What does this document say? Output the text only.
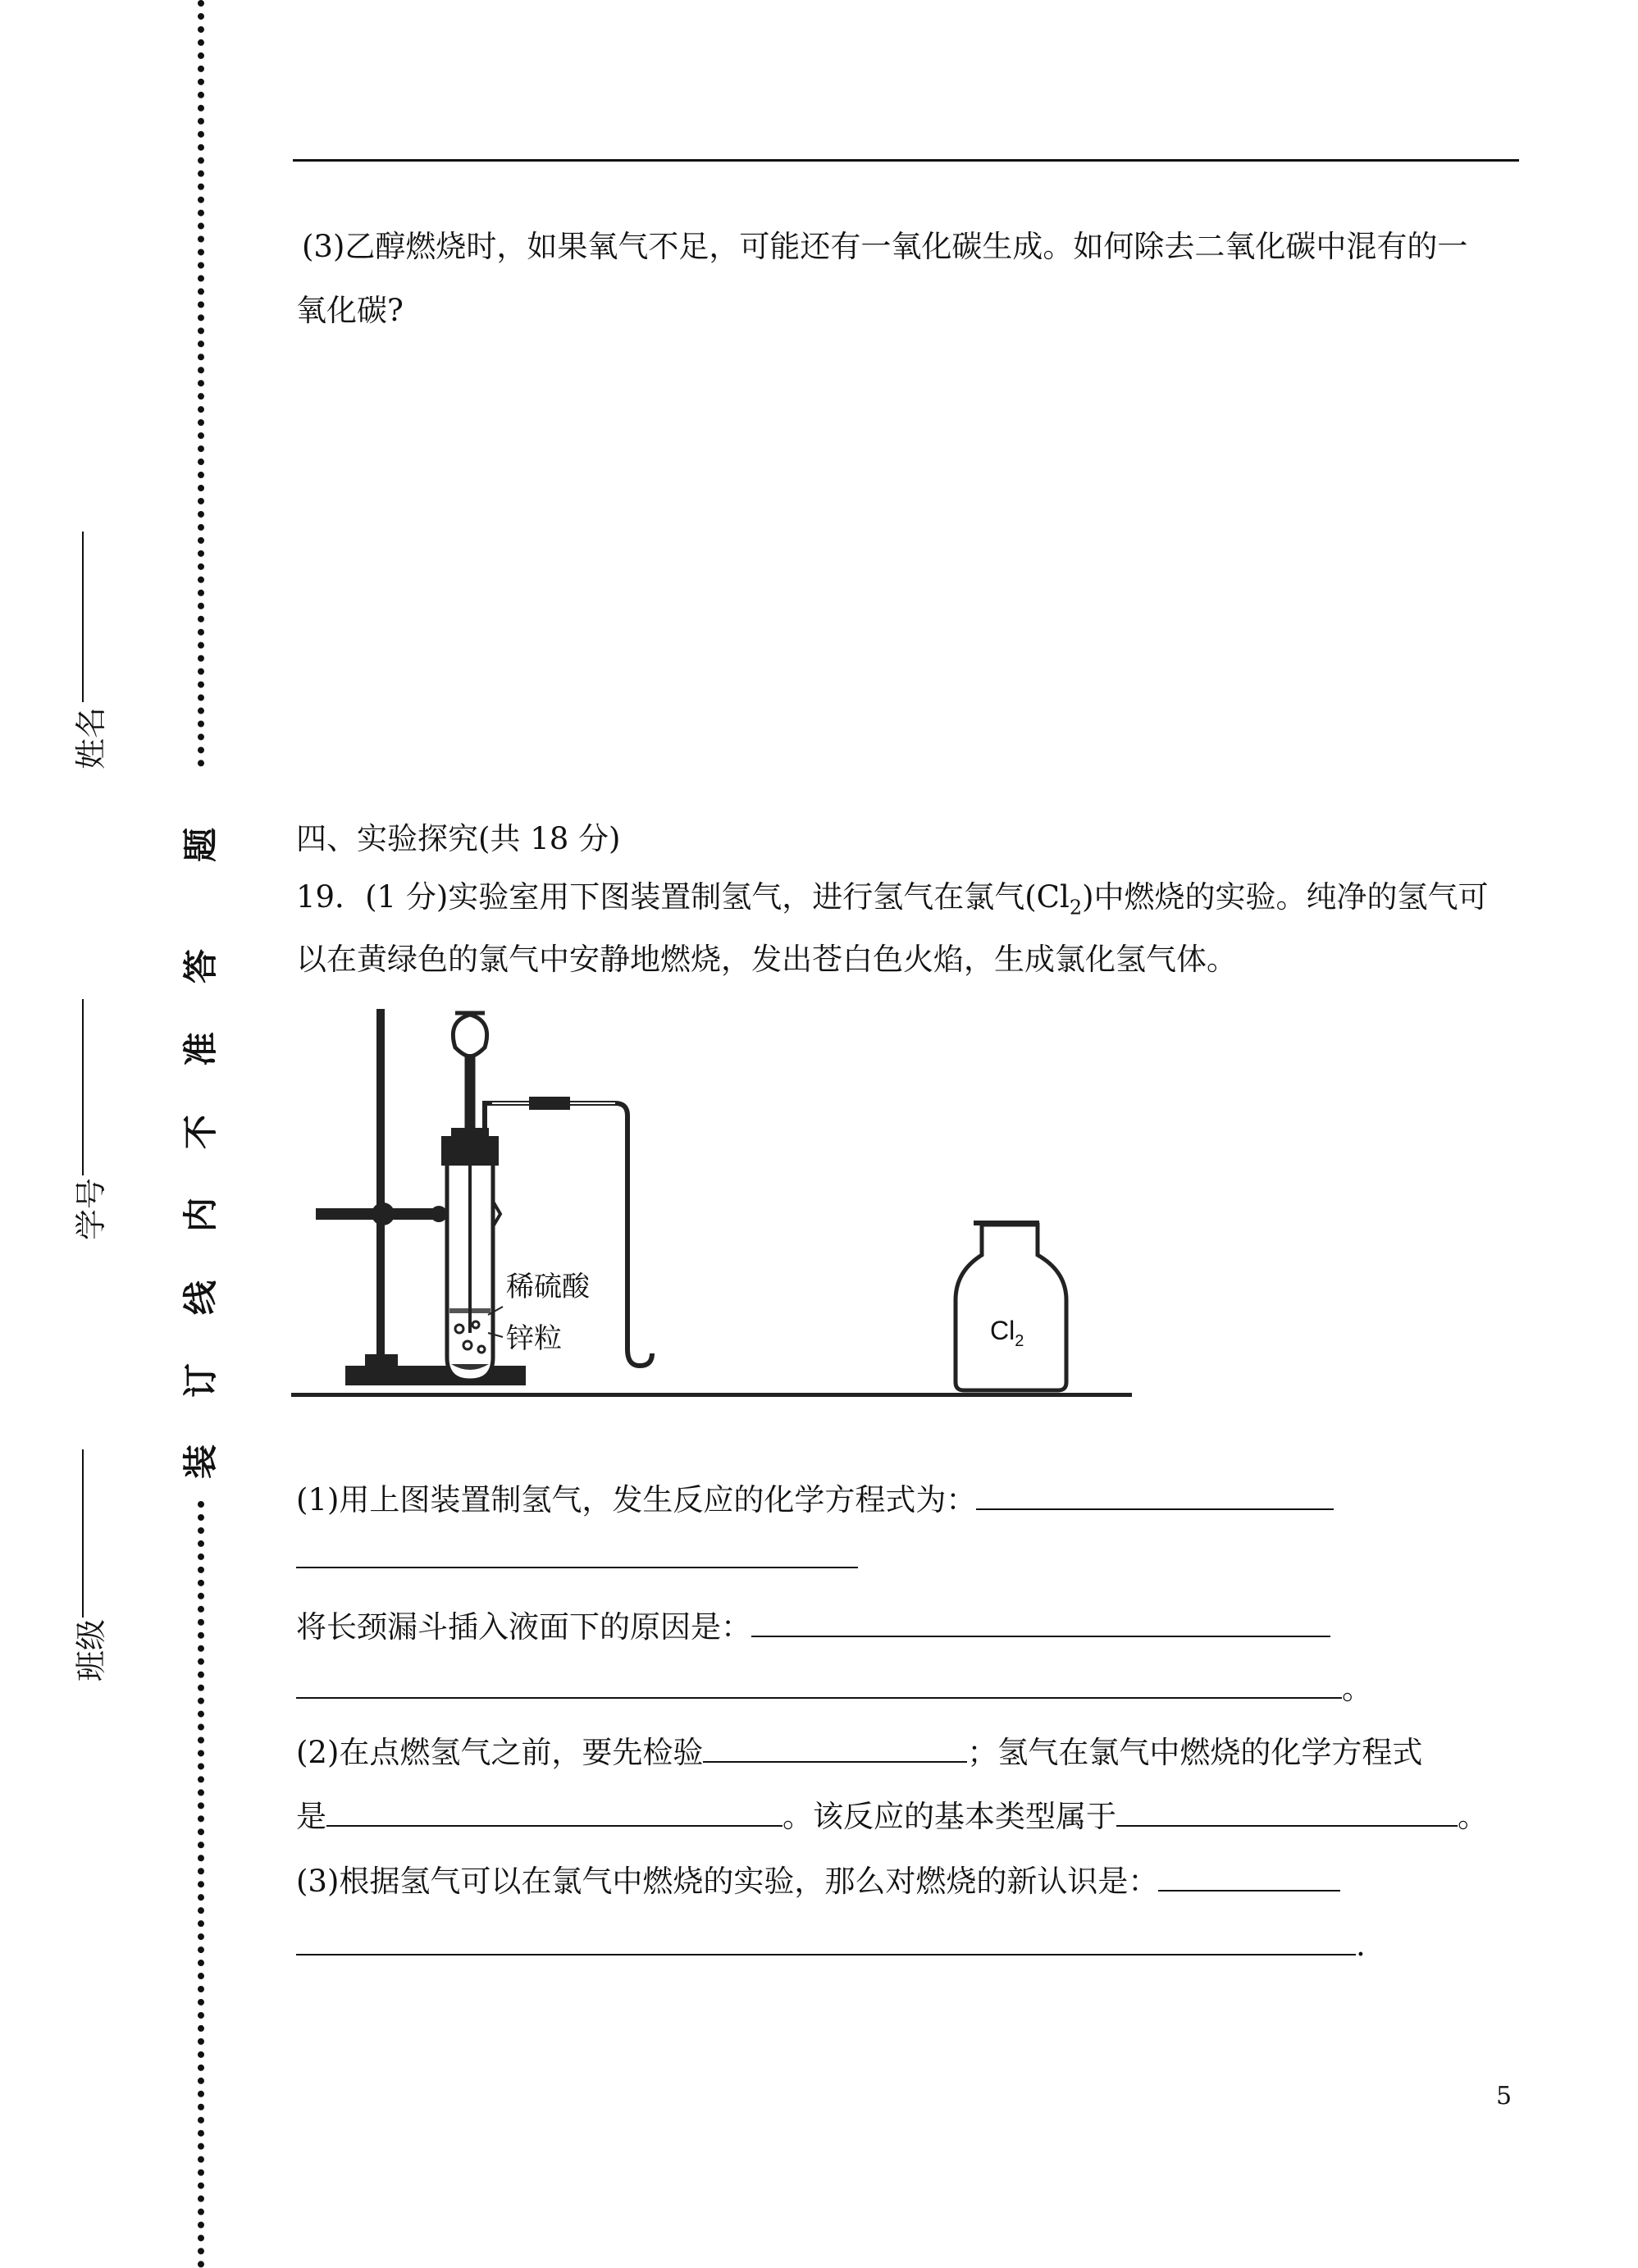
装
订
线
内
不
准
答
题
姓名
学号
班级
(3)乙醇燃烧时，如果氧气不足，可能还有一氧化碳生成。如何除去二氧化碳中混有的一
氧化碳?
四、实验探究(共 18 分)
19．(1 分)实验室用下图装置制氢气，进行氢气在氯气$(Cl_2)$中燃烧的实验。纯净的氢气可
以在黄绿色的氯气中安静地燃烧，发出苍白色火焰，生成氯化氢气体。
稀硫酸
锌粒	$Cl_2$
(1)用上图装置制氢气，发生反应的化学方程式为：
将长颈漏斗插入液面下的原因是：
。
(2)在点燃氢气之前，要先检验	；氢气在氯气中燃烧的化学方程式
是	。该反应的基本类型属于	。
(3)根据氢气可以在氯气中燃烧的实验，那么对燃烧的新认识是：
.
5
